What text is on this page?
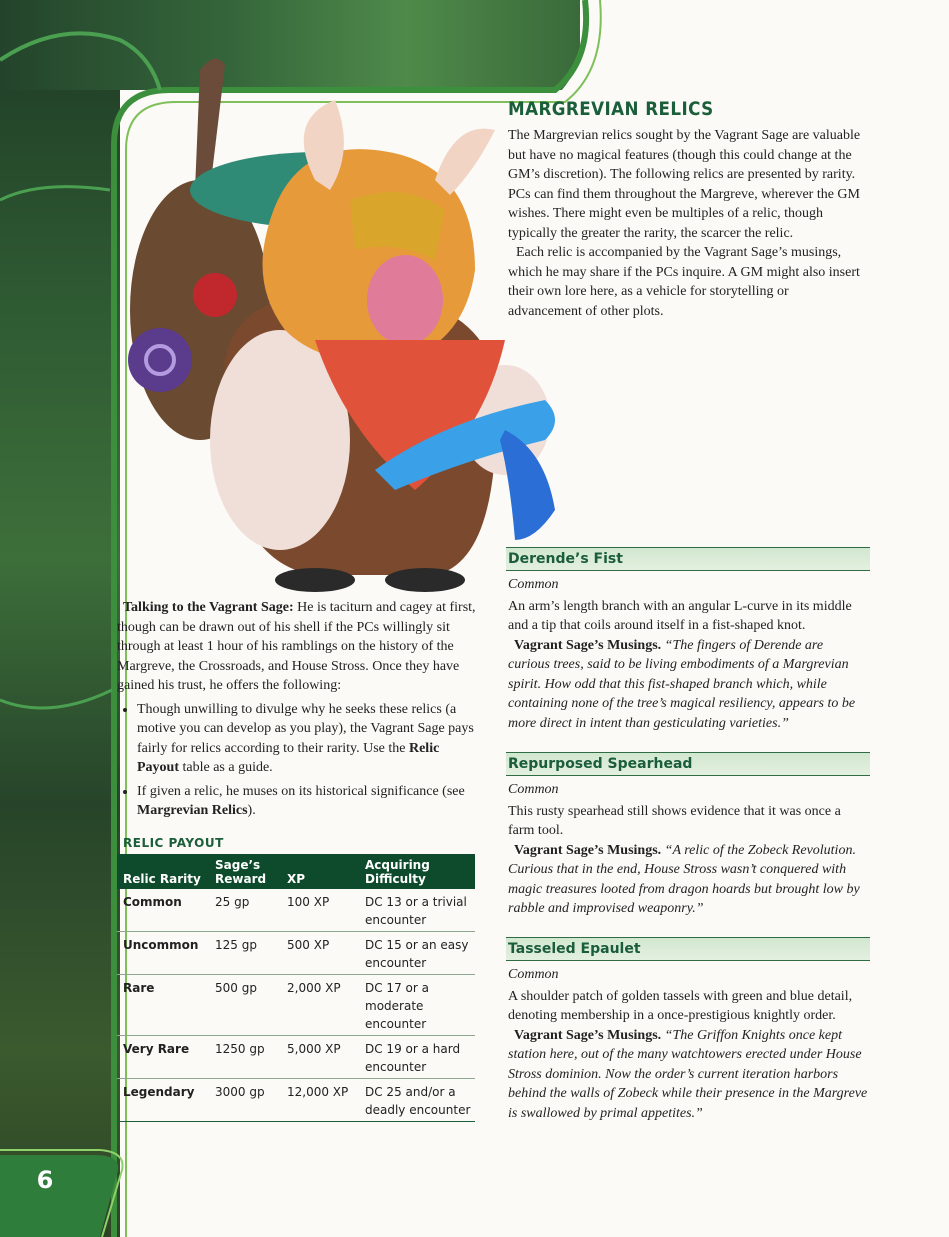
6
MARGREVIAN RELICS

The Margrevian relics sought by the Vagrant Sage are valuable but have no magical features (though this could change at the GM’s discretion). The following relics are presented by rarity. PCs can find them throughout the Margreve, wherever the GM wishes. There might even be multiples of a relic, though typically the greater the rarity, the scarcer the relic.

Each relic is accompanied by the Vagrant Sage’s musings, which he may share if the PCs inquire. A GM might also insert their own lore here, as a vehicle for storytelling or advancement of other plots.

Derende’s Fist

Common

An arm’s length branch with an angular L-curve in its middle and a tip that coils around itself in a fist-shaped knot.

Vagrant Sage’s Musings. “The fingers of Derende are curious trees, said to be living embodiments of a Margrevian spirit. How odd that this fist-shaped branch which, while containing none of the tree’s magical resiliency, appears to be more direct in intent than gesticulating varieties.”

Repurposed Spearhead

Common

This rusty spearhead still shows evidence that it was once a farm tool.

Vagrant Sage’s Musings. “A relic of the Zobeck Revolution. Curious that in the end, House Stross wasn’t conquered with magic treasures looted from dragon hoards but brought low by rabble and improvised weaponry.”

Tasseled Epaulet

Common

A shoulder patch of golden tassels with green and blue detail, denoting membership in a once-prestigious knightly order.

Vagrant Sage’s Musings. “The Griffon Knights once kept station here, out of the many watchtowers erected under House Stross dominion. Now the order’s current iteration harbors behind the walls of Zobeck while their presence in the Margreve is swallowed by primal appetites.”

Talking to the Vagrant Sage: He is taciturn and cagey at first, though can be drawn out of his shell if the PCs willingly sit through at least 1 hour of his ramblings on the history of the Margreve, the Crossroads, and House Stross. Once they have gained his trust, he offers the following:

• Though unwilling to divulge why he seeks these relics (a motive you can develop as you play), the Vagrant Sage pays fairly for relics according to their rarity. Use the Relic Payout table as a guide.
• If given a relic, he muses on its historical significance (see Margrevian Relics).
RELIC PAYOUT
Relic Rarity	Sage’s Reward	XP	Acquiring Difficulty
Common	25 gp	100 XP	DC 13 or a trivial encounter
Uncommon	125 gp	500 XP	DC 15 or an easy encounter
Rare	500 gp	2,000 XP	DC 17 or a moderate encounter
Very Rare	1250 gp	5,000 XP	DC 19 or a hard encounter
Legendary	3000 gp	12,000 XP	DC 25 and/or a deadly encounter
